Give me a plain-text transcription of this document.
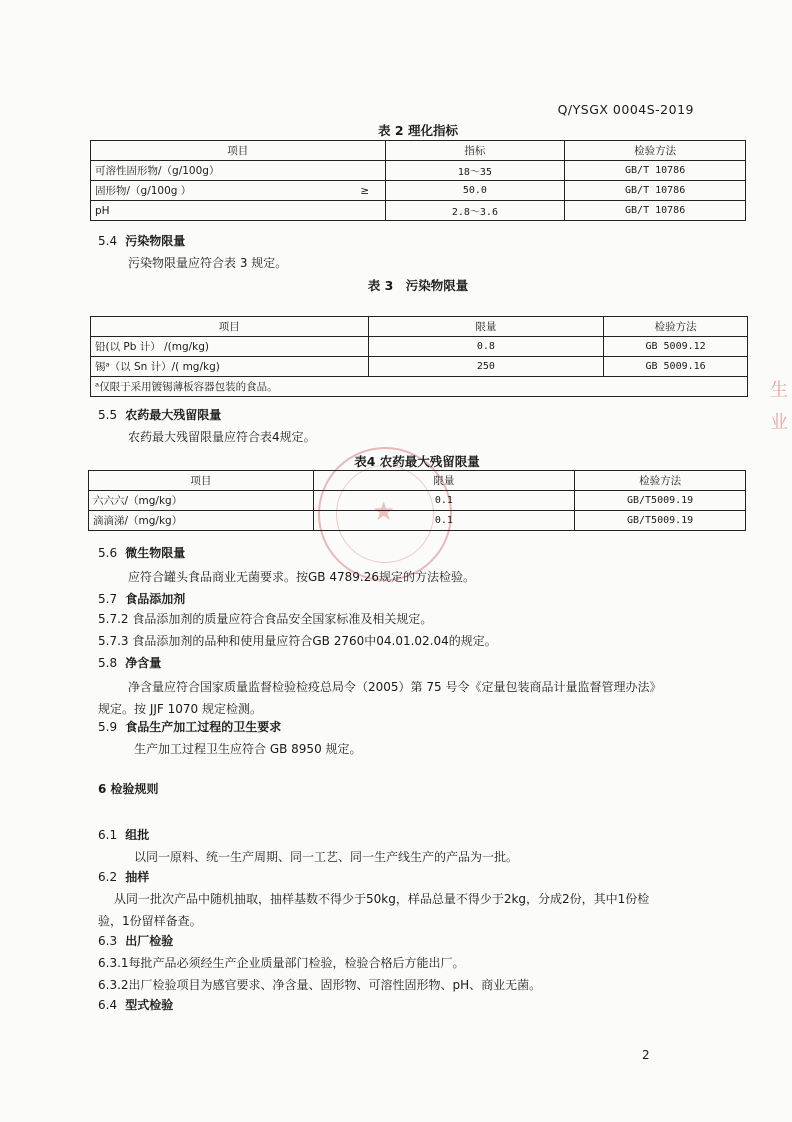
Q/YSGX 0004S-2019
表 2 理化指标
项目		指标	检验方法
可溶性固形物/（g/100g）		18～35	GB/T 10786
固形物/（g/100g ）	≥	50.0	GB/T 10786
pH		2.8～3.6	GB/T 10786
5.4 污染物限量
污染物限量应符合表 3 规定。
表 3　污染物限量
项目	限量	检验方法
铅(以 Pb 计） /(mg/kg)	0.8	GB 5009.12
锡ᵃ（以 Sn 计）/( mg/kg)	250	GB 5009.16
ᵃ仅限于采用镀锡薄板容器包装的食品。		
5.5 农药最大残留限量
农药最大残留限量应符合表4规定。
★
表4 农药最大残留限量
项目	限量	检验方法
六六六/（mg/kg）	0.1	GB/T5009.19
滴滴涕/（mg/kg）	0.1	GB/T5009.19
5.6 微生物限量
应符合罐头食品商业无菌要求。按GB 4789.26规定的方法检验。
5.7 食品添加剂
5.7.2 食品添加剂的质量应符合食品安全国家标准及相关规定。
5.7.3 食品添加剂的品种和使用量应符合GB 2760中04.01.02.04的规定。
5.8 净含量
净含量应符合国家质量监督检验检疫总局令（2005）第 75 号令《定量包装商品计量监督管理办法》
规定。按 JJF 1070 规定检测。
5.9 食品生产加工过程的卫生要求
生产加工过程卫生应符合 GB 8950 规定。
6 检验规则
6.1 组批
以同一原料、统一生产周期、同一工艺、同一生产线生产的产品为一批。
6.2 抽样
从同一批次产品中随机抽取，抽样基数不得少于50kg，样品总量不得少于2kg，分成2份，其中1份检
验，1份留样备查。
6.3 出厂检验
6.3.1每批产品必须经生产企业质量部门检验，检验合格后方能出厂。
6.3.2出厂检验项目为感官要求、净含量、固形物、可溶性固形物、pH、商业无菌。
6.4 型式检验
生 业
2
